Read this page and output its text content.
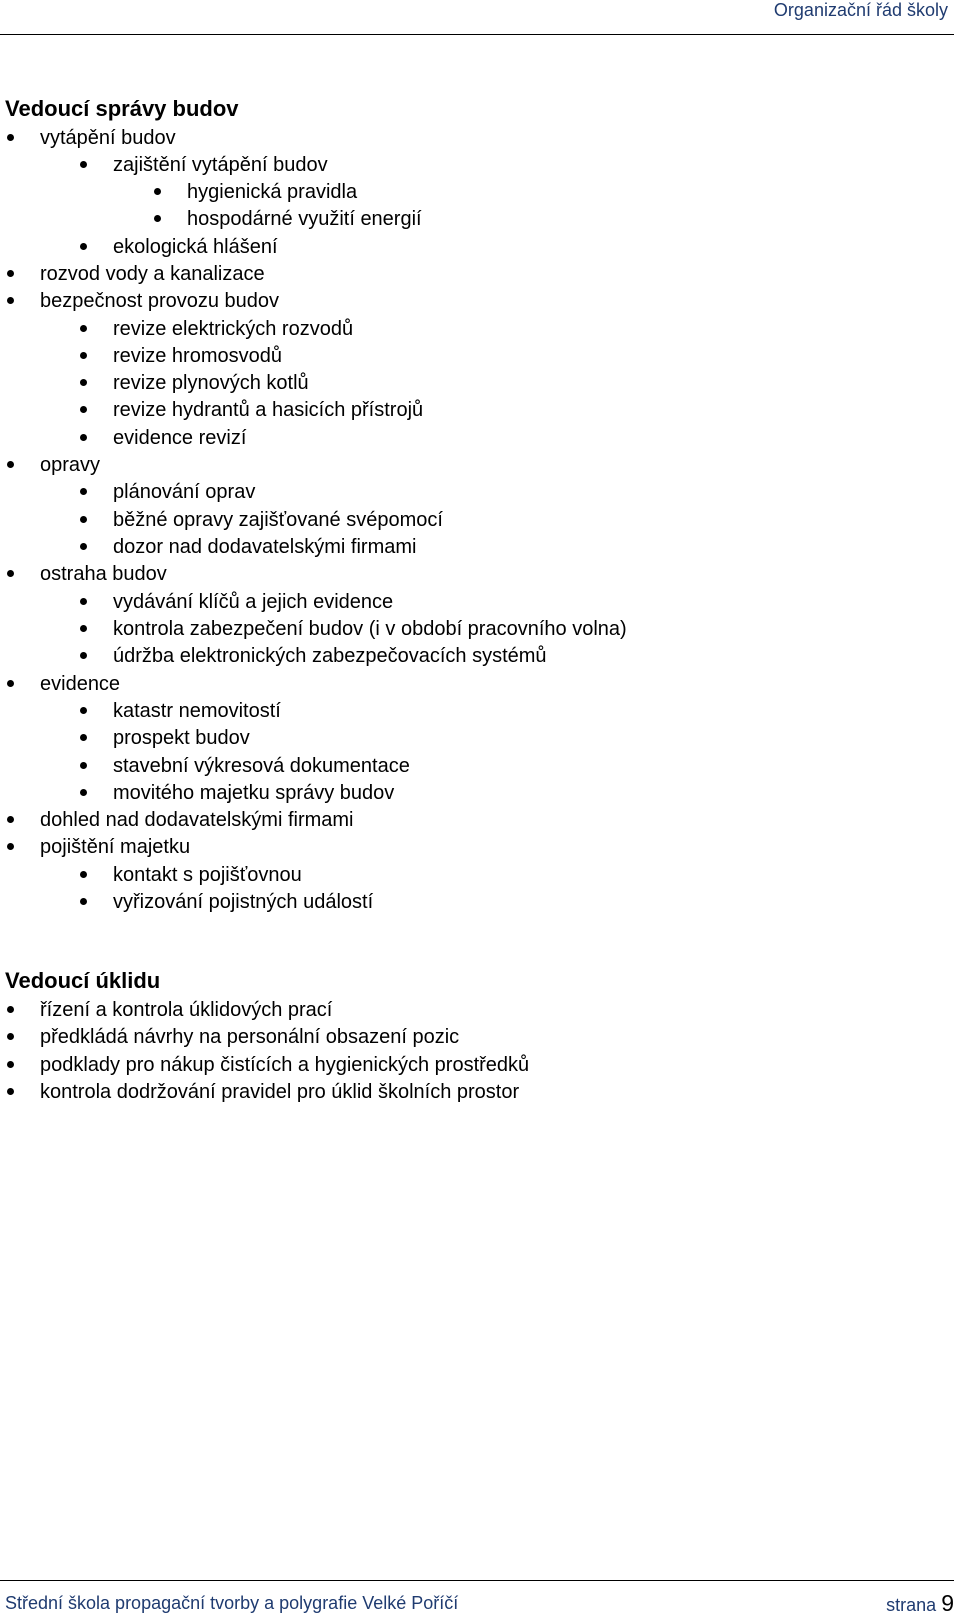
Organizační řád školy
Vedoucí správy budov
vytápění budov
zajištění vytápění budov
hygienická pravidla
hospodárné využití energií
ekologická hlášení
rozvod vody a kanalizace
bezpečnost provozu budov
revize elektrických rozvodů
revize hromosvodů
revize plynových kotlů
revize hydrantů a hasicích přístrojů
evidence revizí
opravy
plánování oprav
běžné opravy zajišťované svépomocí
dozor nad dodavatelskými firmami
ostraha budov
vydávání klíčů a jejich evidence
kontrola zabezpečení budov (i v období pracovního volna)
údržba elektronických zabezpečovacích systémů
evidence
katastr nemovitostí
prospekt budov
stavební výkresová dokumentace
movitého majetku správy budov
dohled nad dodavatelskými firmami
pojištění majetku
kontakt s pojišťovnou
vyřizování pojistných událostí
Vedoucí úklidu
řízení a kontrola úklidových prací
předkládá návrhy na personální obsazení pozic
podklady pro nákup čistících a hygienických prostředků
kontrola dodržování pravidel pro úklid školních prostor
Střední škola propagační tvorby a polygrafie Velké Poříčí	strana 9
